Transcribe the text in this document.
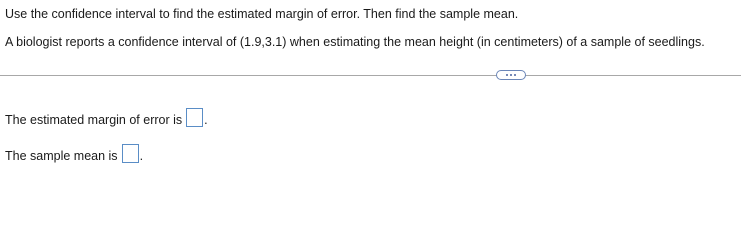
Use the confidence interval to find the estimated margin of error. Then find the sample mean.
A biologist reports a confidence interval of (1.9,3.1) when estimating the mean height (in centimeters) of a sample of seedlings.
The estimated margin of error is .
The sample mean is .
